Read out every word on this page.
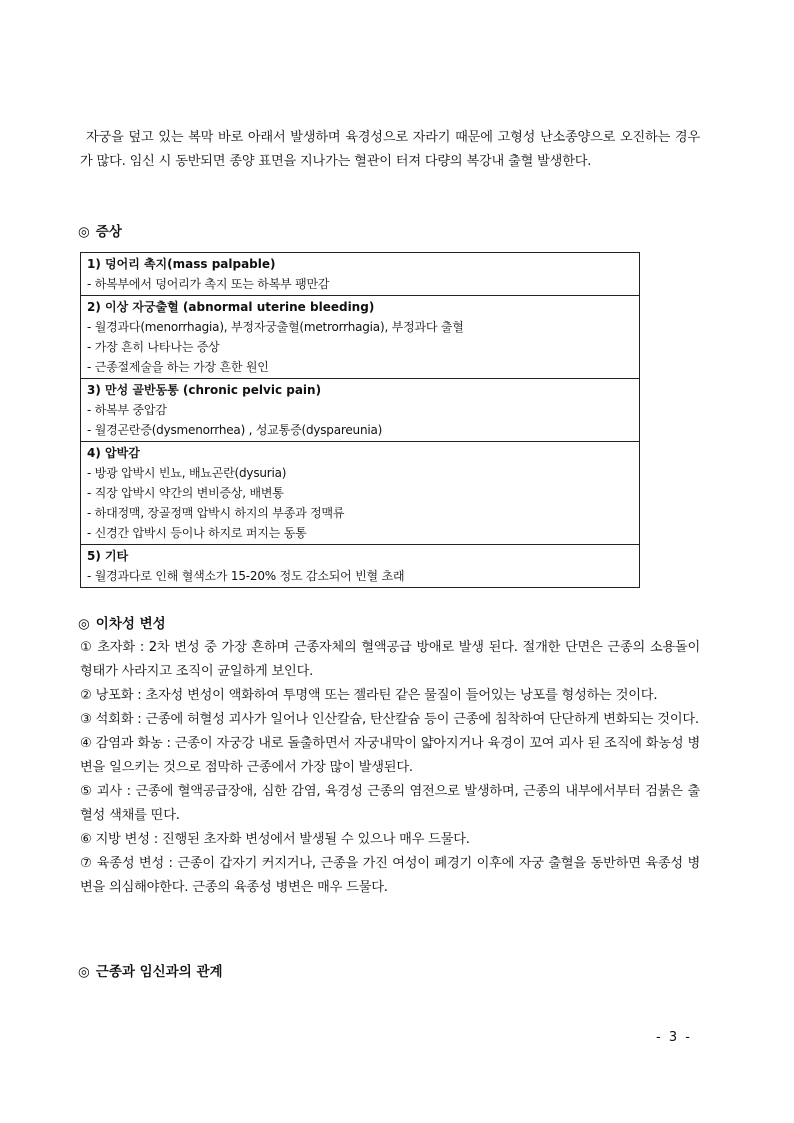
자궁을 덮고 있는 복막 바로 아래서 발생하며 육경성으로 자라기 때문에 고형성 난소종양으로 오진하는 경우가 많다. 임신 시 동반되면 종양 표면을 지나가는 혈관이 터져 다량의 복강내 출혈 발생한다.

◎ 증상
1) 덩어리 촉지(mass palpable)
- 하복부에서 덩어리가 촉지 또는 하복부 팽만감

2) 이상 자궁출혈 (abnormal uterine bleeding)
- 월경과다(menorrhagia), 부정자궁출혈(metrorrhagia), 부정과다 출혈
- 가장 흔히 나타나는 증상
- 근종절제술을 하는 가장 흔한 원인

3) 만성 골반동통 (chronic pelvic pain)
- 하복부 중압감
- 월경곤란증(dysmenorrhea) , 성교통증(dyspareunia)

4) 압박감
- 방광 압박시 빈뇨, 배뇨곤란(dysuria)
- 직장 압박시 약간의 변비증상, 배변통
- 하대정맥, 장골정맥 압박시 하지의 부종과 정맥류
- 신경간 압박시 등이나 하지로 퍼지는 동통

5) 기타
- 월경과다로 인해 혈색소가 15-20% 정도 감소되어 빈혈 초래
◎ 이차성 변성

① 초자화 : 2차 변성 중 가장 흔하며 근종자체의 혈액공급 방애로 발생 된다. 절개한 단면은 근종의 소용돌이 형태가 사라지고 조직이 균일하게 보인다.

② 낭포화 : 초자성 변성이 액화하여 투명액 또는 젤라틴 같은 물질이 들어있는 낭포를 형성하는 것이다.

③ 석회화 : 근종에 허혈성 괴사가 일어나 인산칼슘, 탄산칼슘 등이 근종에 침착하여 단단하게 변화되는 것이다.

④ 감염과 화농 : 근종이 자궁강 내로 돌출하면서 자궁내막이 얇아지거나 육경이 꼬여 괴사 된 조직에 화농성 병변을 일으키는 것으로 점막하 근종에서 가장 많이 발생된다.

⑤ 괴사 : 근종에 혈액공급장애, 심한 감염, 육경성 근종의 염전으로 발생하며, 근종의 내부에서부터 검붉은 출혈성 색채를 띤다.

⑥ 지방 변성 : 진행된 초자화 변성에서 발생될 수 있으나 매우 드물다.

⑦ 육종성 변성 : 근종이 갑자기 커지거나, 근종을 가진 여성이 폐경기 이후에 자궁 출혈을 동반하면 육종성 병변을 의심해야한다. 근종의 육종성 병변은 매우 드물다.

◎ 근종과 임신과의 관계
- 3 -
